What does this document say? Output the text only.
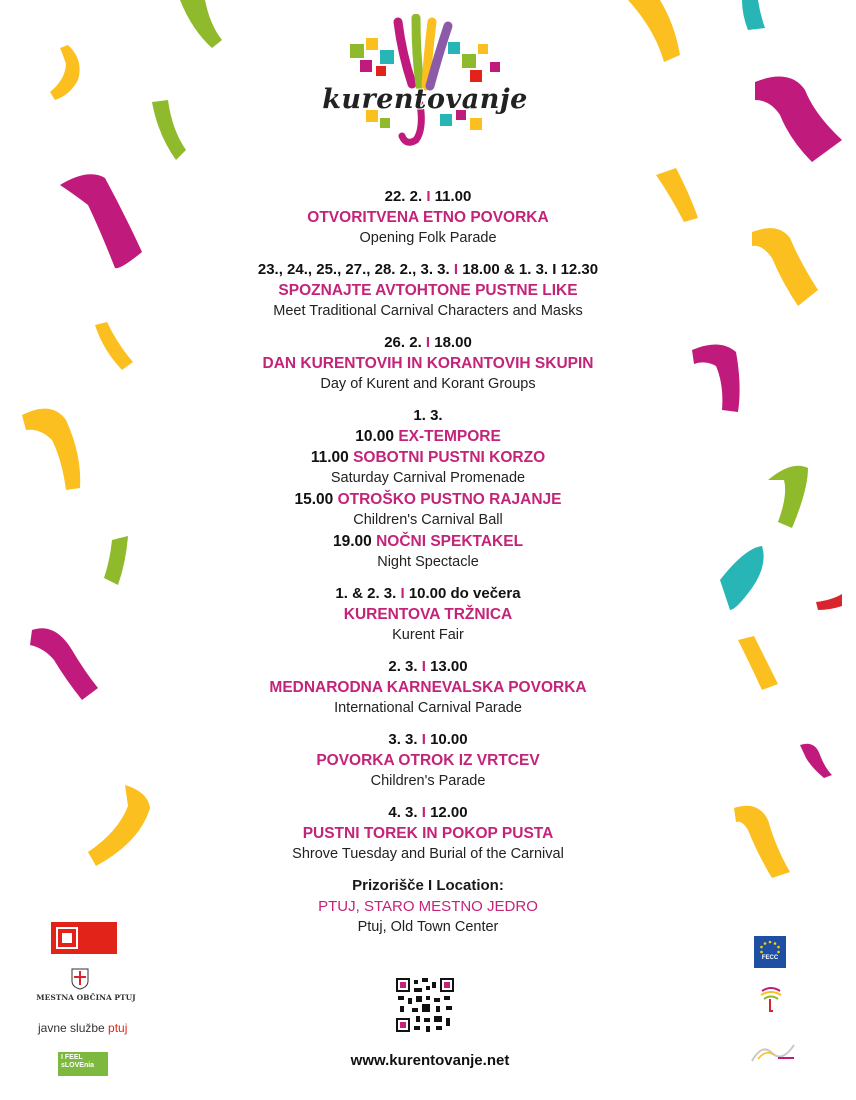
kurentovanje
22. 2. I 11.00
OTVORITVENA ETNO POVORKA
Opening Folk Parade
23., 24., 25., 27., 28. 2., 3. 3. I 18.00 & 1. 3. I 12.30
SPOZNAJTE AVTOHTONE PUSTNE LIKE
Meet Traditional Carnival Characters and Masks
26. 2. I 18.00
DAN KURENTOVIH IN KORANTOVIH SKUPIN
Day of Kurent and Korant Groups
1. 3.
10.00 EX-TEMPORE
11.00 SOBOTNI PUSTNI KORZO
Saturday Carnival Promenade
15.00 OTROŠKO PUSTNO RAJANJE
Children's Carnival Ball
19.00 NOČNI SPEKTAKEL
Night Spectacle
1. & 2. 3. I 10.00 do večera
KURENTOVA TRŽNICA
Kurent Fair
2. 3. I 13.00
MEDNARODNA KARNEVALSKA POVORKA
International Carnival Parade
3. 3. I 10.00
POVORKA OTROK IZ VRTCEV
Children's Parade
4. 3. I 12.00
PUSTNI TOREK IN POKOP PUSTA
Shrove Tuesday and Burial of the Carnival
Prizorišče I Location:
PTUJ, STARO MESTNO JEDRO
Ptuj, Old Town Center
www.kurentovanje.net
MESTNA OBČINA PTUJ
javne službe ptuj
I FEEL
sLOVEnia
FECC
